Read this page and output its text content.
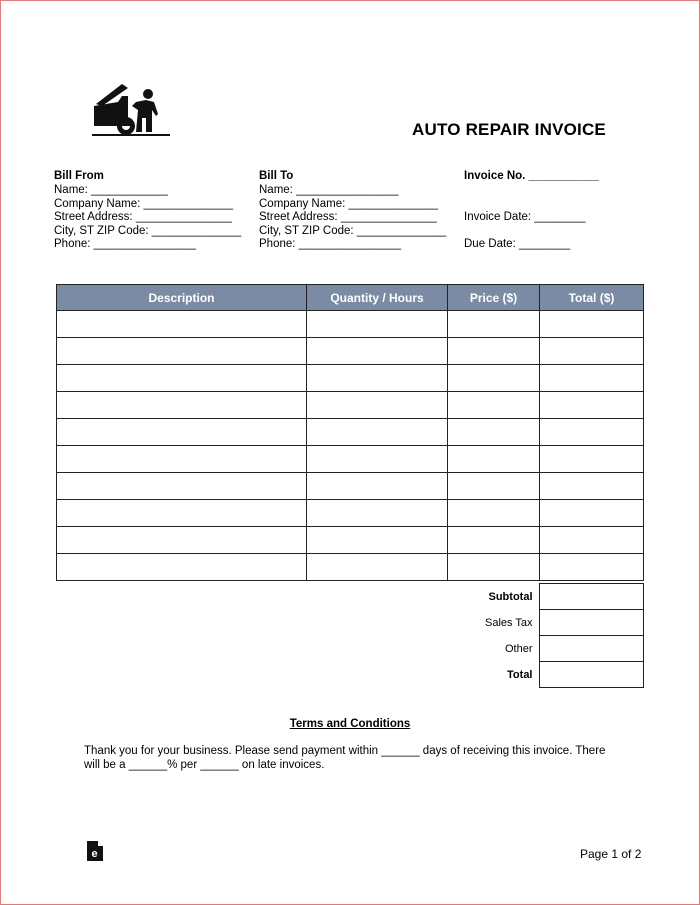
AUTO REPAIR INVOICE
Bill From
Name: ____________
Company Name: ______________
Street Address: _______________
City, ST ZIP Code: ______________
Phone: ________________
Bill To
Name: ________________
Company Name: ______________
Street Address: _______________
City, ST ZIP Code: ______________
Phone: ________________
Invoice No. ___________
Invoice Date: ________
Due Date: ________
Description	Quantity / Hours	Price ($)	Total ($)

Subtotal	
Sales Tax	
Other	
Total	
Terms and Conditions
Thank you for your business. Please send payment within ______ days of receiving this invoice. There will be a ______% per ______ on late invoices.
e	Page 1 of 2
